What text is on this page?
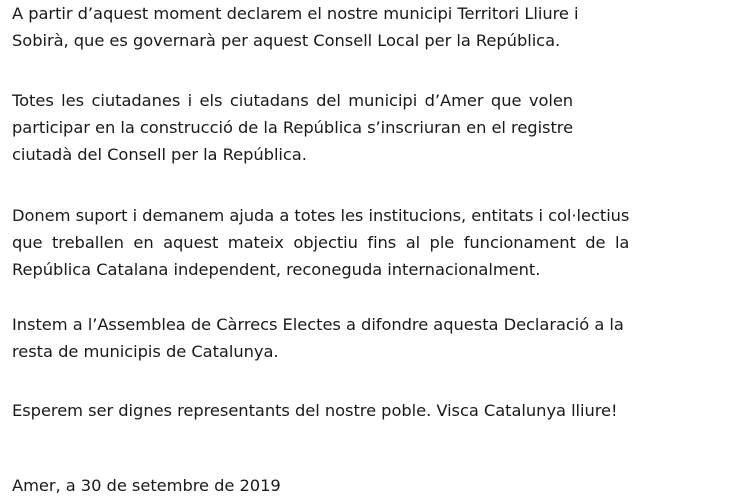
A partir d’aquest moment declarem el nostre municipi Territori Lliure i
Sobirà, que es governarà per aquest Consell Local per la República.

Totes les ciutadanes i els ciutadans del municipi d’Amer que volen
participar en la construcció de la República s’inscriuran en el registre
ciutadà del Consell per la República.

Donem suport i demanem ajuda a totes les institucions, entitats i col·lectius
que treballen en aquest mateix objectiu fins al ple funcionament de la
República Catalana independent, reconeguda internacionalment.

Instem a l’Assemblea de Càrrecs Electes a difondre aquesta Declaració a la
resta de municipis de Catalunya.

Esperem ser dignes representants del nostre poble. Visca Catalunya lliure!

Amer, a 30 de setembre de 2019
